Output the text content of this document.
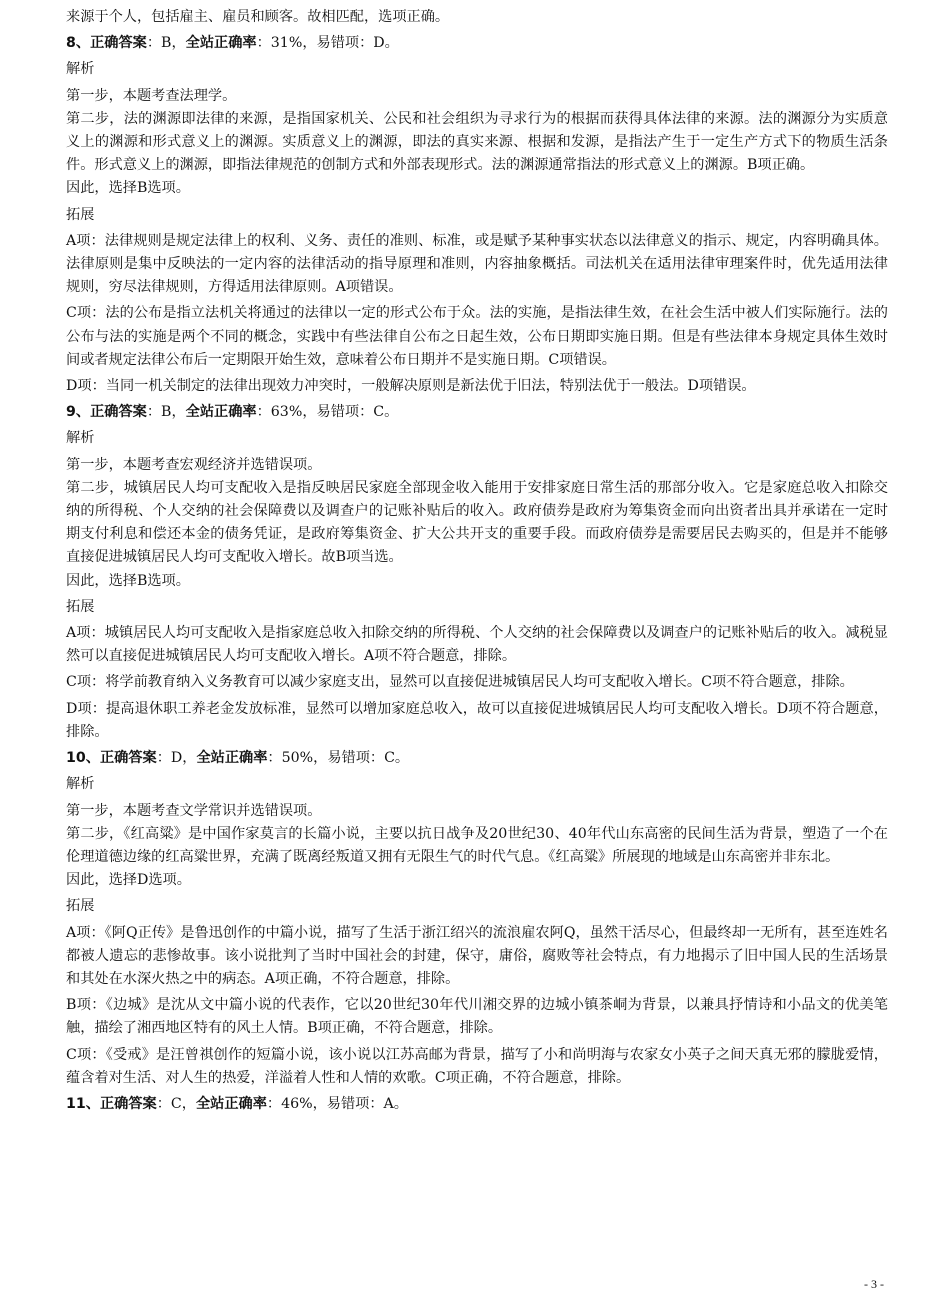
来源于个人，包括雇主、雇员和顾客。故相匹配，选项正确。

8、正确答案：B，全站正确率：31%，易错项：D。

解析

第一步，本题考查法理学。

第二步，法的渊源即法律的来源，是指国家机关、公民和社会组织为寻求行为的根据而获得具体法律的来源。法的渊源分为实质意义上的渊源和形式意义上的渊源。实质意义上的渊源，即法的真实来源、根据和发源，是指法产生于一定生产方式下的物质生活条件。形式意义上的渊源，即指法律规范的创制方式和外部表现形式。法的渊源通常指法的形式意义上的渊源。B项正确。

因此，选择B选项。

拓展

A项：法律规则是规定法律上的权利、义务、责任的准则、标准，或是赋予某种事实状态以法律意义的指示、规定，内容明确具体。法律原则是集中反映法的一定内容的法律活动的指导原理和准则，内容抽象概括。司法机关在适用法律审理案件时，优先适用法律规则，穷尽法律规则，方得适用法律原则。A项错误。

C项：法的公布是指立法机关将通过的法律以一定的形式公布于众。法的实施，是指法律生效，在社会生活中被人们实际施行。法的公布与法的实施是两个不同的概念，实践中有些法律自公布之日起生效，公布日期即实施日期。但是有些法律本身规定具体生效时间或者规定法律公布后一定期限开始生效，意味着公布日期并不是实施日期。C项错误。

D项：当同一机关制定的法律出现效力冲突时，一般解决原则是新法优于旧法，特别法优于一般法。D项错误。

9、正确答案：B，全站正确率：63%，易错项：C。

解析

第一步，本题考查宏观经济并选错误项。

第二步，城镇居民人均可支配收入是指反映居民家庭全部现金收入能用于安排家庭日常生活的那部分收入。它是家庭总收入扣除交纳的所得税、个人交纳的社会保障费以及调查户的记账补贴后的收入。政府债券是政府为筹集资金而向出资者出具并承诺在一定时期支付利息和偿还本金的债务凭证，是政府筹集资金、扩大公共开支的重要手段。而政府债券是需要居民去购买的，但是并不能够直接促进城镇居民人均可支配收入增长。故B项当选。

因此，选择B选项。

拓展

A项：城镇居民人均可支配收入是指家庭总收入扣除交纳的所得税、个人交纳的社会保障费以及调查户的记账补贴后的收入。减税显然可以直接促进城镇居民人均可支配收入增长。A项不符合题意，排除。

C项：将学前教育纳入义务教育可以减少家庭支出，显然可以直接促进城镇居民人均可支配收入增长。C项不符合题意，排除。

D项：提高退休职工养老金发放标准，显然可以增加家庭总收入，故可以直接促进城镇居民人均可支配收入增长。D项不符合题意，排除。

10、正确答案：D，全站正确率：50%，易错项：C。

解析

第一步，本题考查文学常识并选错误项。

第二步，《红高粱》是中国作家莫言的长篇小说，主要以抗日战争及20世纪30、40年代山东高密的民间生活为背景，塑造了一个在伦理道德边缘的红高粱世界，充满了既离经叛道又拥有无限生气的时代气息。《红高粱》所展现的地域是山东高密并非东北。

因此，选择D选项。

拓展

A项：《阿Q正传》是鲁迅创作的中篇小说，描写了生活于浙江绍兴的流浪雇农阿Q，虽然干活尽心，但最终却一无所有，甚至连姓名都被人遗忘的悲惨故事。该小说批判了当时中国社会的封建，保守，庸俗，腐败等社会特点，有力地揭示了旧中国人民的生活场景和其处在水深火热之中的病态。A项正确，不符合题意，排除。

B项：《边城》是沈从文中篇小说的代表作，它以20世纪30年代川湘交界的边城小镇茶峒为背景，以兼具抒情诗和小品文的优美笔触，描绘了湘西地区特有的风土人情。B项正确，不符合题意，排除。

C项：《受戒》是汪曾祺创作的短篇小说，该小说以江苏高邮为背景，描写了小和尚明海与农家女小英子之间天真无邪的朦胧爱情，蕴含着对生活、对人生的热爱，洋溢着人性和人情的欢歌。C项正确，不符合题意，排除。

11、正确答案：C，全站正确率：46%，易错项：A。

- 3 -
